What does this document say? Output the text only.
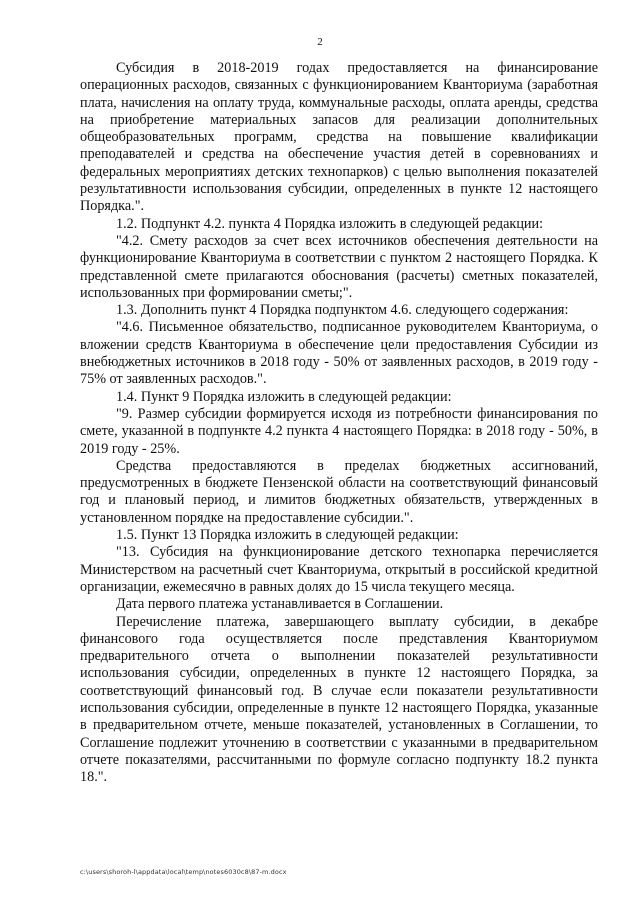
2

Субсидия в 2018-2019 годах предоставляется на финансирование операционных расходов, связанных с функционированием Кванториума (заработная плата, начисления на оплату труда, коммунальные расходы, оплата аренды, средства на приобретение материальных запасов для реализации дополнительных общеобразовательных программ, средства на повышение квалификации преподавателей и средства на обеспечение участия детей в соревнованиях и федеральных мероприятиях детских технопарков) с целью выполнения показателей результативности использования субсидии, определенных в пункте 12 настоящего Порядка.".

1.2. Подпункт 4.2. пункта 4 Порядка изложить в следующей редакции:

"4.2. Смету расходов за счет всех источников обеспечения деятельности на функционирование Кванториума в соответствии с пунктом 2 настоящего Порядка. К представленной смете прилагаются обоснования (расчеты) сметных показателей, использованных при формировании сметы;".

1.3. Дополнить пункт 4 Порядка подпунктом 4.6. следующего содержания:

"4.6. Письменное обязательство, подписанное руководителем Кванториума, о вложении средств Кванториума в обеспечение цели предоставления Субсидии из внебюджетных источников в 2018 году - 50% от заявленных расходов, в 2019 году - 75% от заявленных расходов.".

1.4. Пункт 9 Порядка изложить в следующей редакции:

"9. Размер субсидии формируется исходя из потребности финансирования по смете, указанной в подпункте 4.2 пункта 4 настоящего Порядка: в 2018 году - 50%, в 2019 году - 25%.

Средства предоставляются в пределах бюджетных ассигнований, предусмотренных в бюджете Пензенской области на соответствующий финансовый год и плановый период, и лимитов бюджетных обязательств, утвержденных в установленном порядке на предоставление субсидии.".

1.5. Пункт 13 Порядка изложить в следующей редакции:

"13. Субсидия на функционирование детского технопарка перечисляется Министерством на расчетный счет Кванториума, открытый в российской кредитной организации, ежемесячно в равных долях до 15 числа текущего месяца.

Дата первого платежа устанавливается в Соглашении.

Перечисление платежа, завершающего выплату субсидии, в декабре финансового года осуществляется после представления Кванториумом предварительного отчета о выполнении показателей результативности использования субсидии, определенных в пункте 12 настоящего Порядка, за соответствующий финансовый год. В случае если показатели результативности использования субсидии, определенные в пункте 12 настоящего Порядка, указанные в предварительном отчете, меньше показателей, установленных в Соглашении, то Соглашение подлежит уточнению в соответствии с указанными в предварительном отчете показателями, рассчитанными по формуле согласно подпункту 18.2 пункта 18.".

c:\users\shoroh-l\appdata\local\temp\notes6030c8\87-m.docx
